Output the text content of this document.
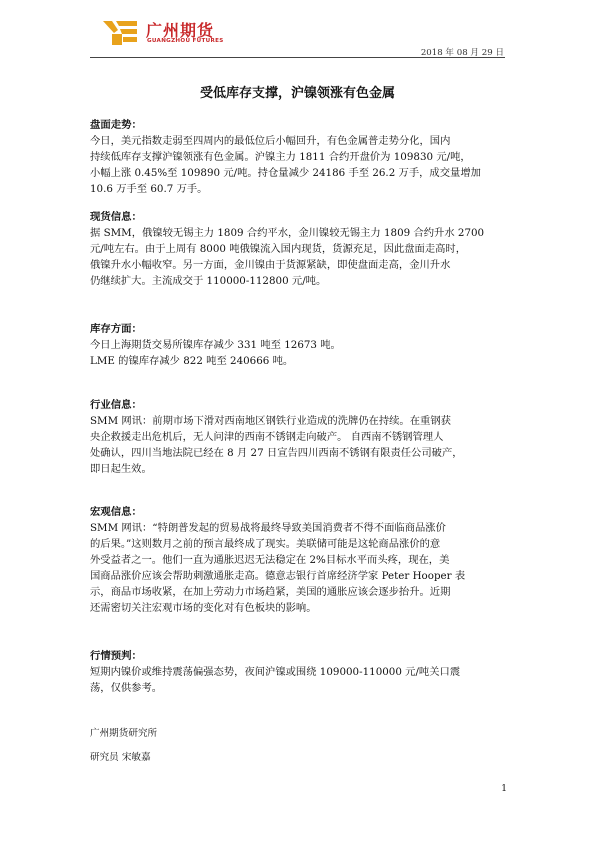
广州期货
GUANGZHOU FUTURES
2018 年 08 月 29 日
受低库存支撑，沪镍领涨有色金属
盘面走势：

今日，美元指数走弱至四周内的最低位后小幅回升，有色金属普走势分化，国内
持续低库存支撑沪镍领涨有色金属。沪镍主力 1811 合约开盘价为 109830 元/吨，
小幅上涨 0.45%至 109890 元/吨。持仓量减少 24186 手至 26.2 万手，成交量增加
10.6 万手至 60.7 万手。

现货信息：

据 SMM，俄镍较无锡主力 1809 合约平水，金川镍较无锡主力 1809 合约升水 2700
元/吨左右。由于上周有 8000 吨俄镍流入国内现货，货源充足，因此盘面走高时，
俄镍升水小幅收窄。另一方面，金川镍由于货源紧缺，即使盘面走高，金川升水
仍继续扩大。主流成交于 110000-112800 元/吨。

库存方面：

今日上海期货交易所镍库存减少 331 吨至 12673 吨。
LME 的镍库存减少 822 吨至 240666 吨。

行业信息：

SMM 网讯：前期市场下滑对西南地区钢铁行业造成的洗牌仍在持续。在重钢获
央企救援走出危机后，无人问津的西南不锈钢走向破产。 自西南不锈钢管理人
处确认，四川当地法院已经在 8 月 27 日宣告四川西南不锈钢有限责任公司破产，
即日起生效。

宏观信息：

SMM 网讯：“特朗普发起的贸易战将最终导致美国消费者不得不面临商品涨价
的后果。”这则数月之前的预言最终成了现实。美联储可能是这轮商品涨价的意
外受益者之一。他们一直为通胀迟迟无法稳定在 2%目标水平而头疼，现在，美
国商品涨价应该会帮助刺激通胀走高。德意志银行首席经济学家 Peter Hooper 表
示，商品市场收紧，在加上劳动力市场趋紧，美国的通胀应该会逐步抬升。近期
还需密切关注宏观市场的变化对有色板块的影响。

行情预判：

短期内镍价或维持震荡偏强态势，夜间沪镍或围绕 109000-110000 元/吨关口震
荡，仅供参考。

广州期货研究所
研究员 宋敏嘉
1
